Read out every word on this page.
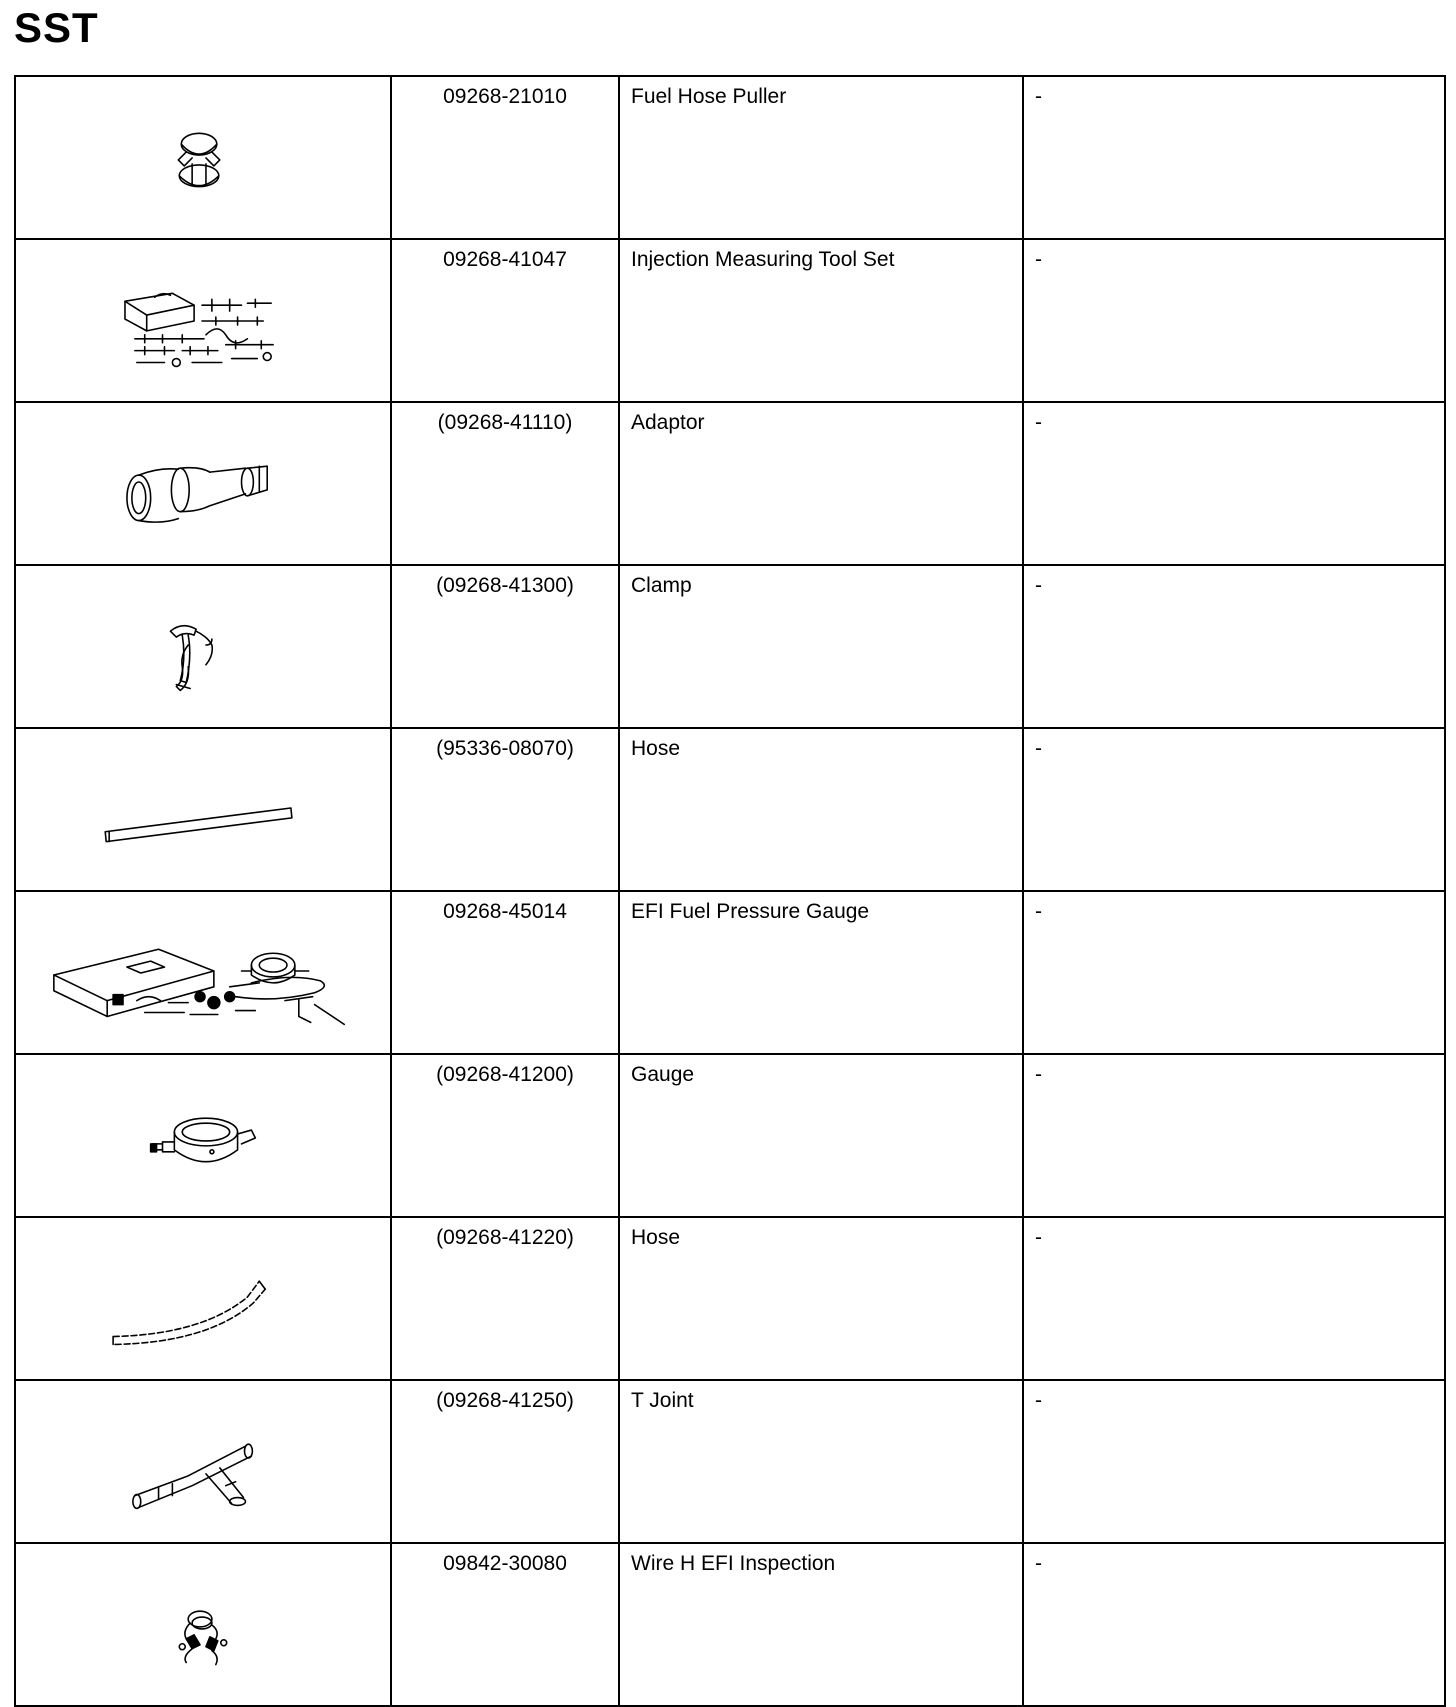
SST
	09268-21010	Fuel Hose Puller	-

	09268-41047	Injection Measuring Tool Set	-

	(09268-41110)	Adaptor	-

	(09268-41300)	Clamp	-

	(95336-08070)	Hose	-

	09268-45014	EFI Fuel Pressure Gauge	-

	(09268-41200)	Gauge	-

	(09268-41220)	Hose	-

	(09268-41250)	T Joint	-

	09842-30080	Wire H EFI Inspection	-
